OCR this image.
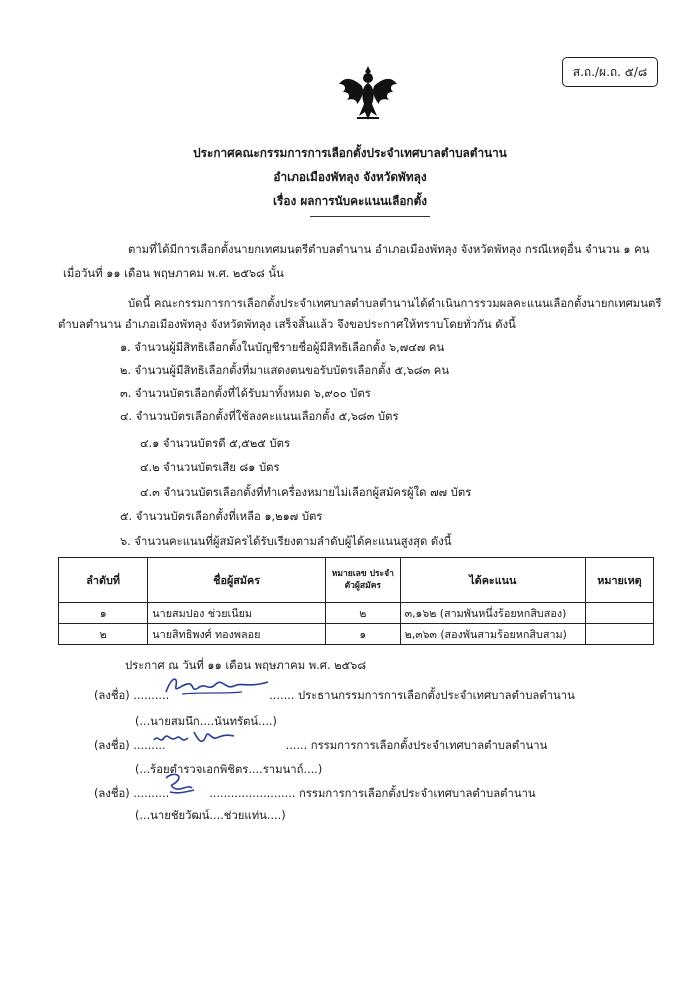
ส.ถ./ผ.ถ. ๕/๘
ประกาศคณะกรรมการการเลือกตั้งประจำเทศบาลตำบลตำนาน
อำเภอเมืองพัทลุง จังหวัดพัทลุง
เรื่อง ผลการนับคะแนนเลือกตั้ง
ตามที่ได้มีการเลือกตั้งนายกเทศมนตรีตำบลตำนาน อำเภอเมืองพัทลุง จังหวัดพัทลุง กรณีเหตุอื่น จำนวน ๑ คน
เมื่อวันที่ ๑๑ เดือน พฤษภาคม พ.ศ. ๒๕๖๘ นั้น
บัดนี้ คณะกรรมการการเลือกตั้งประจำเทศบาลตำบลตำนานได้ดำเนินการรวมผลคะแนนเลือกตั้งนายกเทศมนตรี
ตำบลตำนาน อำเภอเมืองพัทลุง จังหวัดพัทลุง เสร็จสิ้นแล้ว จึงขอประกาศให้ทราบโดยทั่วกัน ดังนี้
๑. จำนวนผู้มีสิทธิเลือกตั้งในบัญชีรายชื่อผู้มีสิทธิเลือกตั้ง ๖,๗๔๗ คน
๒. จำนวนผู้มีสิทธิเลือกตั้งที่มาแสดงตนขอรับบัตรเลือกตั้ง ๕,๖๘๓ คน
๓. จำนวนบัตรเลือกตั้งที่ได้รับมาทั้งหมด ๖,๙๐๐ บัตร
๔. จำนวนบัตรเลือกตั้งที่ใช้ลงคะแนนเลือกตั้ง ๕,๖๘๓ บัตร
๔.๑ จำนวนบัตรดี ๕,๕๒๕ บัตร
๔.๒ จำนวนบัตรเสีย ๘๑ บัตร
๔.๓ จำนวนบัตรเลือกตั้งที่ทำเครื่องหมายไม่เลือกผู้สมัครผู้ใด ๗๗ บัตร
๕. จำนวนบัตรเลือกตั้งที่เหลือ ๑,๒๑๗ บัตร
๖. จำนวนคะแนนที่ผู้สมัครได้รับเรียงตามลำดับผู้ได้คะแนนสูงสุด ดังนี้
ลำดับที่	ชื่อผู้สมัคร	หมายเลข ประจำตัวผู้สมัคร	ได้คะแนน	หมายเหตุ
๑	นายสมปอง ช่วยเนียม	๒	๓,๑๖๒ (สามพันหนึ่งร้อยหกสิบสอง)	
๒	นายสิทธิพงศ์ ทองพลอย	๑	๒,๓๖๓ (สองพันสามร้อยหกสิบสาม)	
ประกาศ ณ วันที่ ๑๑ เดือน พฤษภาคม พ.ศ. ๒๕๖๘
(ลงชื่อ) ..........	....... ประธานกรรมการการเลือกตั้งประจำเทศบาลตำบลตำนาน
(...นายสมนึก....นันทรัตน์....)
(ลงชื่อ) .........	...... กรรมการการเลือกตั้งประจำเทศบาลตำบลตำนาน
(...ร้อยตำรวจเอกพิชิตร....รามนาถ์....)
(ลงชื่อ) ..........	........................ กรรมการการเลือกตั้งประจำเทศบาลตำบลตำนาน
(...นายชัยวัฒน์....ช่วยแท่น....)
